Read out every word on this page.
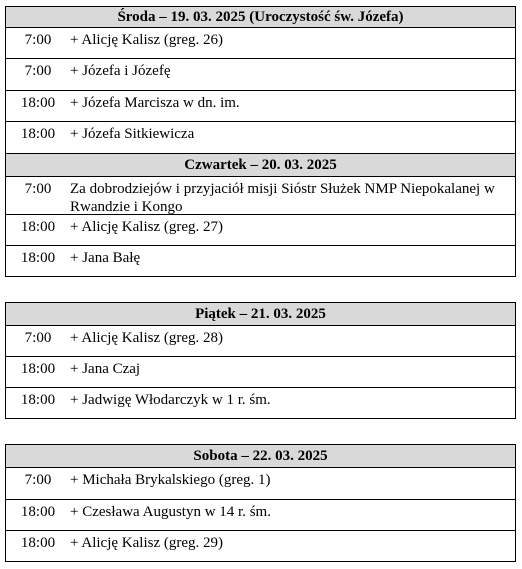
Środa – 19. 03. 2025 (Uroczystość św. Józefa)
7:00	+ Alicję Kalisz (greg. 26)
7:00	+ Józefa i Józefę
18:00 + Józefa Marcisza w dn. im.
18:00 + Józefa Sitkiewicza
Czwartek – 20. 03. 2025
7:00	Za dobrodziejów i przyjaciół misji Sióstr Służek NMP Niepokalanej w Rwandzie i Kongo
18:00 + Alicję Kalisz (greg. 27)
18:00 + Jana Bałę
Piątek – 21. 03. 2025
7:00	+ Alicję Kalisz (greg. 28)
18:00 + Jana Czaj
18:00 + Jadwigę Włodarczyk w 1 r. śm.
Sobota – 22. 03. 2025
7:00	+ Michała Brykalskiego (greg. 1)
18:00 + Czesława Augustyn w 14 r. śm.
18:00 + Alicję Kalisz (greg. 29)
